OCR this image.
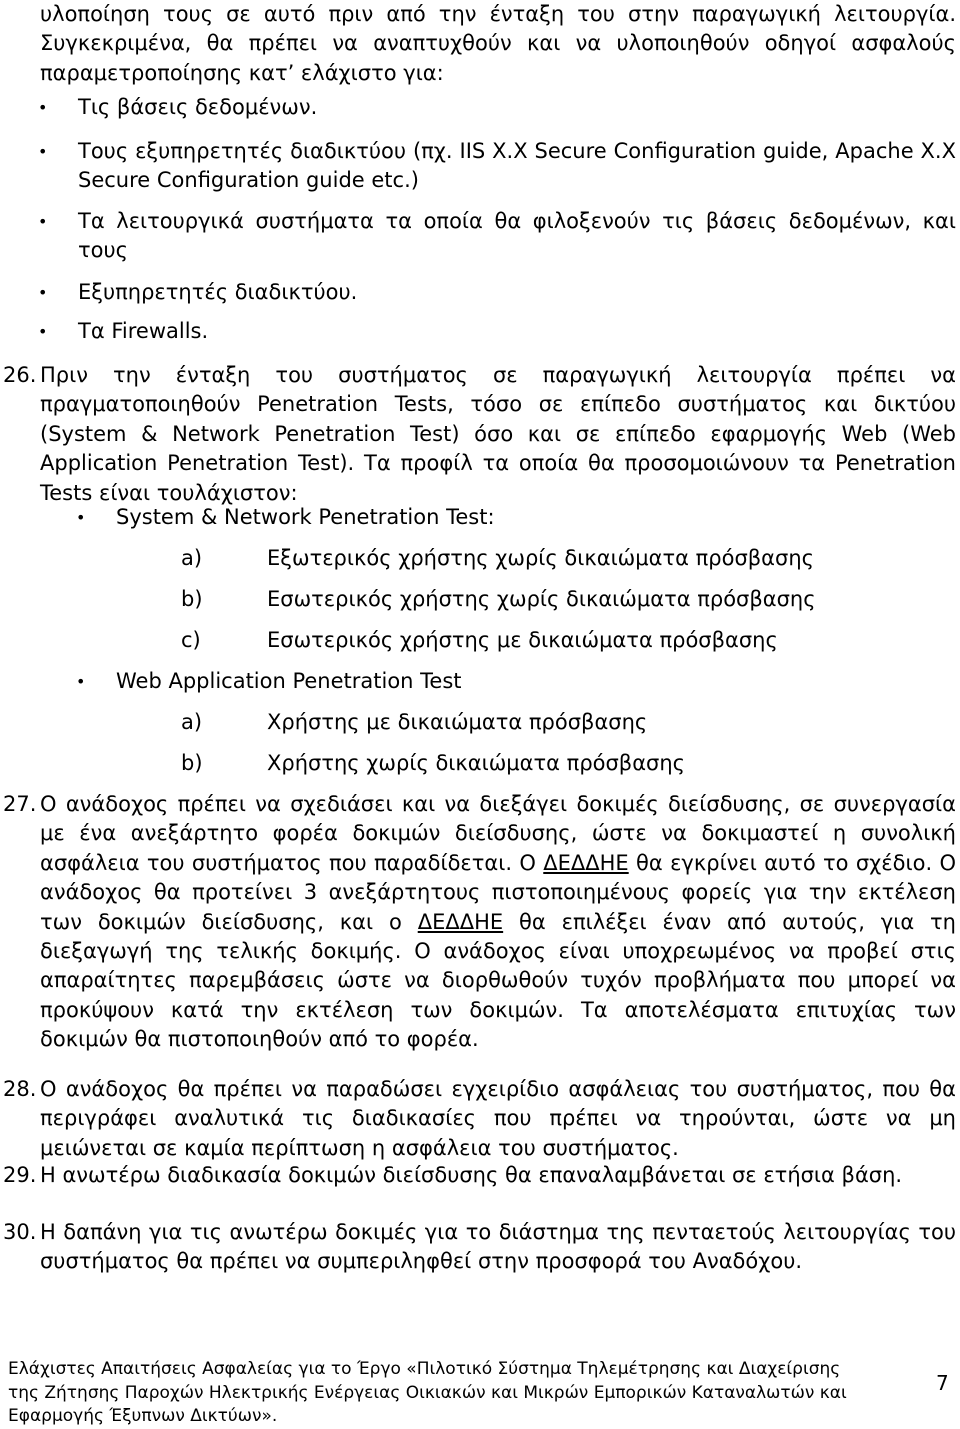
υλοποίηση τους σε αυτό πριν από την ένταξη του στην παραγωγική λειτουργία. Συγκεκριμένα, θα πρέπει να αναπτυχθούν και να υλοποιηθούν οδηγοί ασφαλούς παραμετροποίησης κατ’ ελάχιστο για:

• Τις βάσεις δεδομένων.

• Τους εξυπηρετητές διαδικτύου (πχ. IIS X.X Secure Configuration guide, Apache X.X Secure Configuration guide etc.)

• Τα λειτουργικά συστήματα τα οποία θα φιλοξενούν τις βάσεις δεδομένων, και τους

• Εξυπηρετητές διαδικτύου.

• Τα Firewalls.

26. Πριν την ένταξη του συστήματος σε παραγωγική λειτουργία πρέπει να πραγματοποιηθούν Penetration Tests, τόσο σε επίπεδο συστήματος και δικτύου (System & Network Penetration Test) όσο και σε επίπεδο εφαρμογής Web (Web Application Penetration Test). Τα προφίλ τα οποία θα προσομοιώνουν τα Penetration Tests είναι τουλάχιστον:

• System & Network Penetration Test:

a)	Εξωτερικός χρήστης χωρίς δικαιώματα πρόσβασης
b)	Εσωτερικός χρήστης χωρίς δικαιώματα πρόσβασης
c)	Εσωτερικός χρήστης με δικαιώματα πρόσβασης

• Web Application Penetration Test

a)	Χρήστης με δικαιώματα πρόσβασης
b)	Χρήστης χωρίς δικαιώματα πρόσβασης
27. Ο ανάδοχος πρέπει να σχεδιάσει και να διεξάγει δοκιμές διείσδυσης, σε συνεργασία με ένα ανεξάρτητο φορέα δοκιμών διείσδυσης, ώστε να δοκιμαστεί η συνολική ασφάλεια του συστήματος που παραδίδεται. Ο ΔΕΔΔΗΕ θα εγκρίνει αυτό το σχέδιο. Ο ανάδοχος θα προτείνει 3 ανεξάρτητους πιστοποιημένους φορείς για την εκτέλεση των δοκιμών διείσδυσης, και ο ΔΕΔΔΗΕ θα επιλέξει έναν από αυτούς, για τη διεξαγωγή της τελικής δοκιμής. Ο ανάδοχος είναι υποχρεωμένος να προβεί στις απαραίτητες παρεμβάσεις ώστε να διορθωθούν τυχόν προβλήματα που μπορεί να προκύψουν κατά την εκτέλεση των δοκιμών. Τα αποτελέσματα επιτυχίας των δοκιμών θα πιστοποιηθούν από το φορέα.
28. Ο ανάδοχος θα πρέπει να παραδώσει εγχειρίδιο ασφάλειας του συστήματος, που θα περιγράφει αναλυτικά τις διαδικασίες που πρέπει να τηρούνται, ώστε να μη μειώνεται σε καμία περίπτωση η ασφάλεια του συστήματος.
29. Η ανωτέρω διαδικασία δοκιμών διείσδυσης θα επαναλαμβάνεται σε ετήσια βάση.
30. Η δαπάνη για τις ανωτέρω δοκιμές για το διάστημα της πενταετούς λειτουργίας του συστήματος θα πρέπει να συμπεριληφθεί στην προσφορά του Αναδόχου.
Ελάχιστες Απαιτήσεις Ασφαλείας για το Έργο «Πιλοτικό Σύστημα Τηλεμέτρησης και Διαχείρισης
της Ζήτησης Παροχών Ηλεκτρικής Ενέργειας Οικιακών και Μικρών Εμπορικών Καταναλωτών και
Εφαρμογής Έξυπνων Δικτύων».
7
